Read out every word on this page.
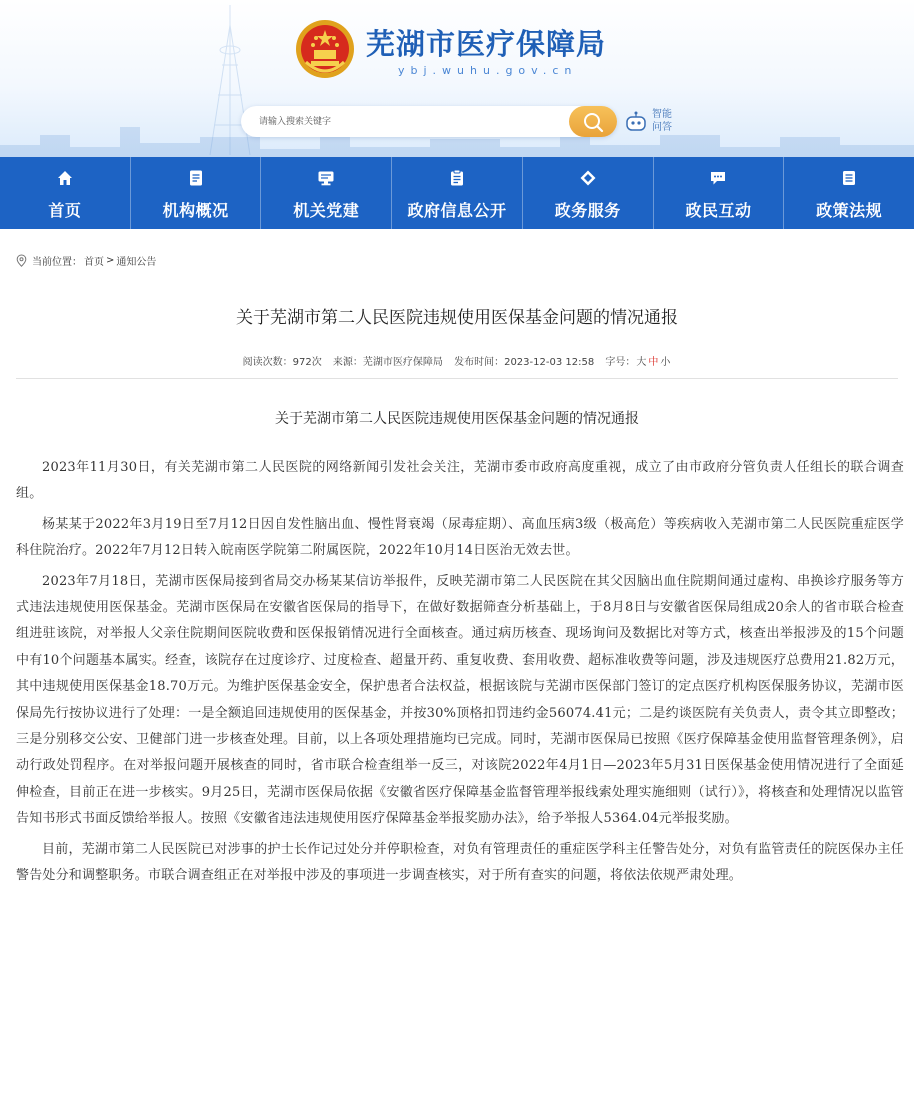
芜湖市医疗保障局
ybj.wuhu.gov.cn
请输入搜索关键字
智能问答
首页	机构概况	机关党建	政府信息公开	政务服务	政民互动	政策法规
当前位置： 首页 > 通知公告
关于芜湖市第二人民医院违规使用医保基金问题的情况通报
阅读次数：972次 来源：芜湖市医疗保障局 发布时间：2023-12-03 12:58 字号：大 中 小
关于芜湖市第二人民医院违规使用医保基金问题的情况通报

2023年11月30日，有关芜湖市第二人民医院的网络新闻引发社会关注，芜湖市委市政府高度重视，成立了由市政府分管负责人任组长的联合调查组。

杨某某于2022年3月19日至7月12日因自发性脑出血、慢性肾衰竭（尿毒症期）、高血压病3级（极高危）等疾病收入芜湖市第二人民医院重症医学科住院治疗。2022年7月12日转入皖南医学院第二附属医院，2022年10月14日医治无效去世。

2023年7月18日，芜湖市医保局接到省局交办杨某某信访举报件，反映芜湖市第二人民医院在其父因脑出血住院期间通过虚构、串换诊疗服务等方式违法违规使用医保基金。芜湖市医保局在安徽省医保局的指导下，在做好数据筛查分析基础上，于8月8日与安徽省医保局组成20余人的省市联合检查组进驻该院，对举报人父亲住院期间医院收费和医保报销情况进行全面核查。通过病历核查、现场询问及数据比对等方式，核查出举报涉及的15个问题中有10个问题基本属实。经查，该院存在过度诊疗、过度检查、超量开药、重复收费、套用收费、超标准收费等问题，涉及违规医疗总费用21.82万元，其中违规使用医保基金18.70万元。为维护医保基金安全，保护患者合法权益，根据该院与芜湖市医保部门签订的定点医疗机构医保服务协议，芜湖市医保局先行按协议进行了处理：一是全额追回违规使用的医保基金，并按30%顶格扣罚违约金56074.41元；二是约谈医院有关负责人，责令其立即整改；三是分别移交公安、卫健部门进一步核查处理。目前，以上各项处理措施均已完成。同时，芜湖市医保局已按照《医疗保障基金使用监督管理条例》，启动行政处罚程序。在对举报问题开展核查的同时，省市联合检查组举一反三，对该院2022年4月1日—2023年5月31日医保基金使用情况进行了全面延伸检查，目前正在进一步核实。9月25日，芜湖市医保局依据《安徽省医疗保障基金监督管理举报线索处理实施细则（试行）》，将核查和处理情况以监管告知书形式书面反馈给举报人。按照《安徽省违法违规使用医疗保障基金举报奖励办法》，给予举报人5364.04元举报奖励。

目前，芜湖市第二人民医院已对涉事的护士长作记过处分并停职检查，对负有管理责任的重症医学科主任警告处分，对负有监管责任的院医保办主任警告处分和调整职务。市联合调查组正在对举报中涉及的事项进一步调查核实，对于所有查实的问题，将依法依规严肃处理。
